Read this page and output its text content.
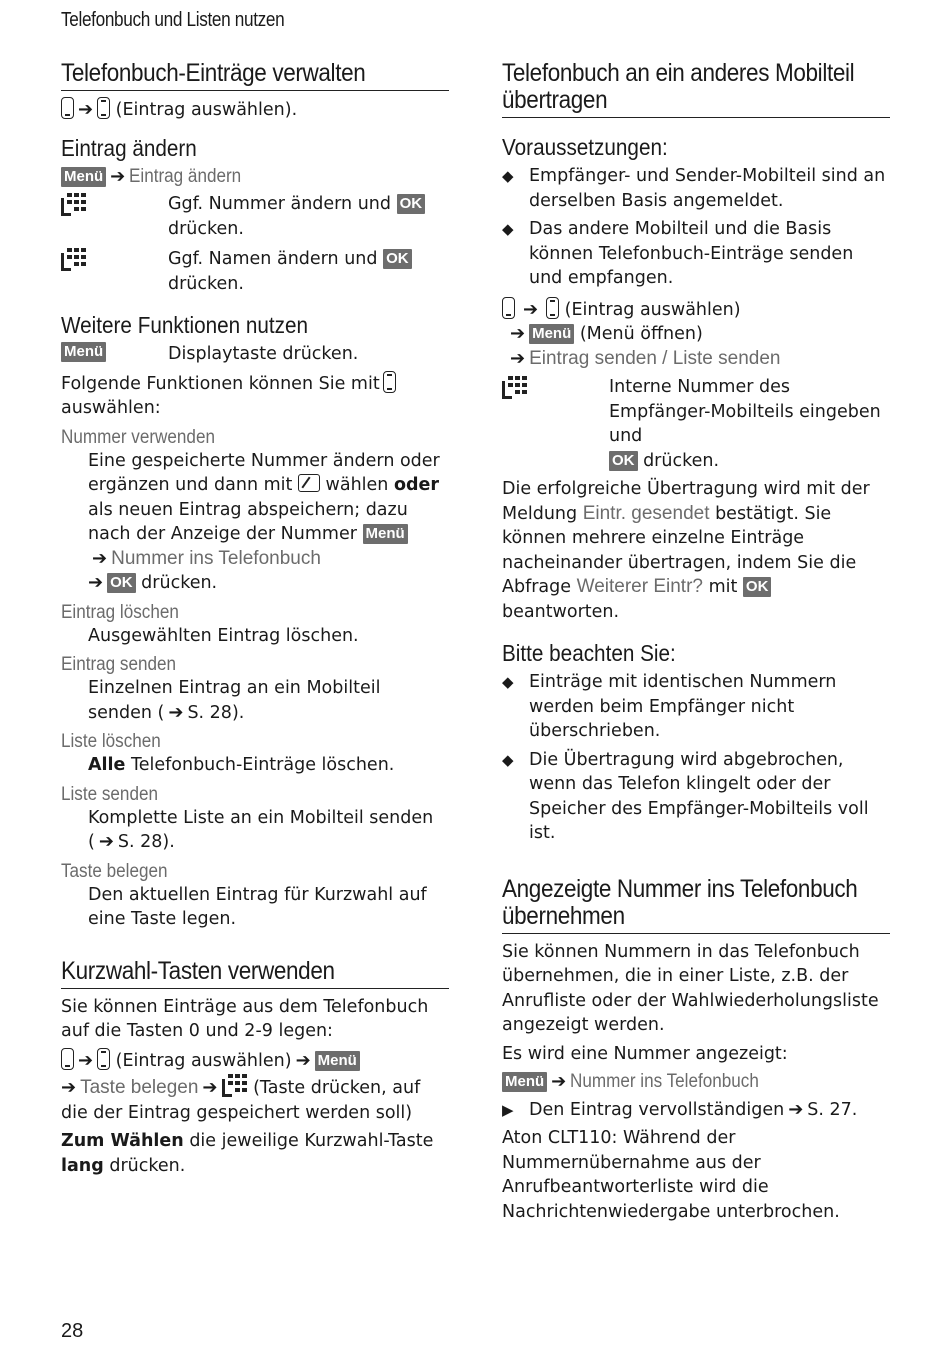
Telefonbuch und Listen nutzen
Telefonbuch-Einträge verwalten

➔ (Eintrag auswählen).

Eintrag ändern

Menü ➔ Eintrag ändern

Ggf. Nummer ändern und OK
drücken.
Ggf. Namen ändern und OK
drücken.
Weitere Funktionen nutzen
Menü	Displaytaste drücken.

Folgende Funktionen können Sie mit
auswählen:

Nummer verwenden
Eine gespeicherte Nummer ändern oder ergänzen und dann mit wählen oder als neuen Eintrag abspeichern; dazu nach der Anzeige der Nummer Menü➔ Nummer ins Telefonbuch
➔ OK drücken.
Eintrag löschen
Ausgewählten Eintrag löschen.
Eintrag senden
Einzelnen Eintrag an ein Mobilteil senden ( ➔ S. 28).
Liste löschen
Alle Telefonbuch-Einträge löschen.
Liste senden
Komplette Liste an ein Mobilteil senden
( ➔ S. 28).
Taste belegen
Den aktuellen Eintrag für Kurzwahl auf eine Taste legen.
Kurzwahl-Tasten verwenden

Sie können Einträge aus dem Telefonbuch auf die Tasten 0 und 2-9 legen:

➔ (Eintrag auswählen) ➔ Menü
➔ Taste belegen ➔ (Taste drücken, auf die der Eintrag gespeichert werden soll)

Zum Wählen die jeweilige Kurzwahl-Taste lang drücken.

Telefonbuch an ein anderes Mobilteil
übertragen
Voraussetzungen:
◆ Empfänger- und Sender-Mobilteil sind an derselben Basis angemeldet.
◆ Das andere Mobilteil und die Basis können Telefonbuch-Einträge senden und empfangen.

➔ (Eintrag auswählen)
➔ Menü (Menü öffnen)
➔ Eintrag senden / Liste senden

Interne Nummer des Empfänger-Mobilteils eingeben und
OK drücken.

Die erfolgreiche Übertragung wird mit der Meldung Eintr. gesendet bestätigt. Sie können mehrere einzelne Einträge nacheinander übertragen, indem Sie die Abfrage Weiterer Eintr? mit OK beantworten.

Bitte beachten Sie:
◆ Einträge mit identischen Nummern werden beim Empfänger nicht überschrieben.
◆ Die Übertragung wird abgebrochen, wenn das Telefon klingelt oder der Speicher des Empfänger-Mobilteils voll ist.
Angezeigte Nummer ins Telefonbuch
übernehmen

Sie können Nummern in das Telefonbuch übernehmen, die in einer Liste, z.B. der Anrufliste oder der Wahlwiederholungsliste angezeigt werden.

Es wird eine Nummer angezeigt:

Menü ➔ Nummer ins Telefonbuch

▶ Den Eintrag vervollständigen ➔ S. 27.

Aton CLT110: Während der Nummernübernahme aus der Anrufbeantworterliste wird die Nachrichtenwiedergabe unterbrochen.

28
